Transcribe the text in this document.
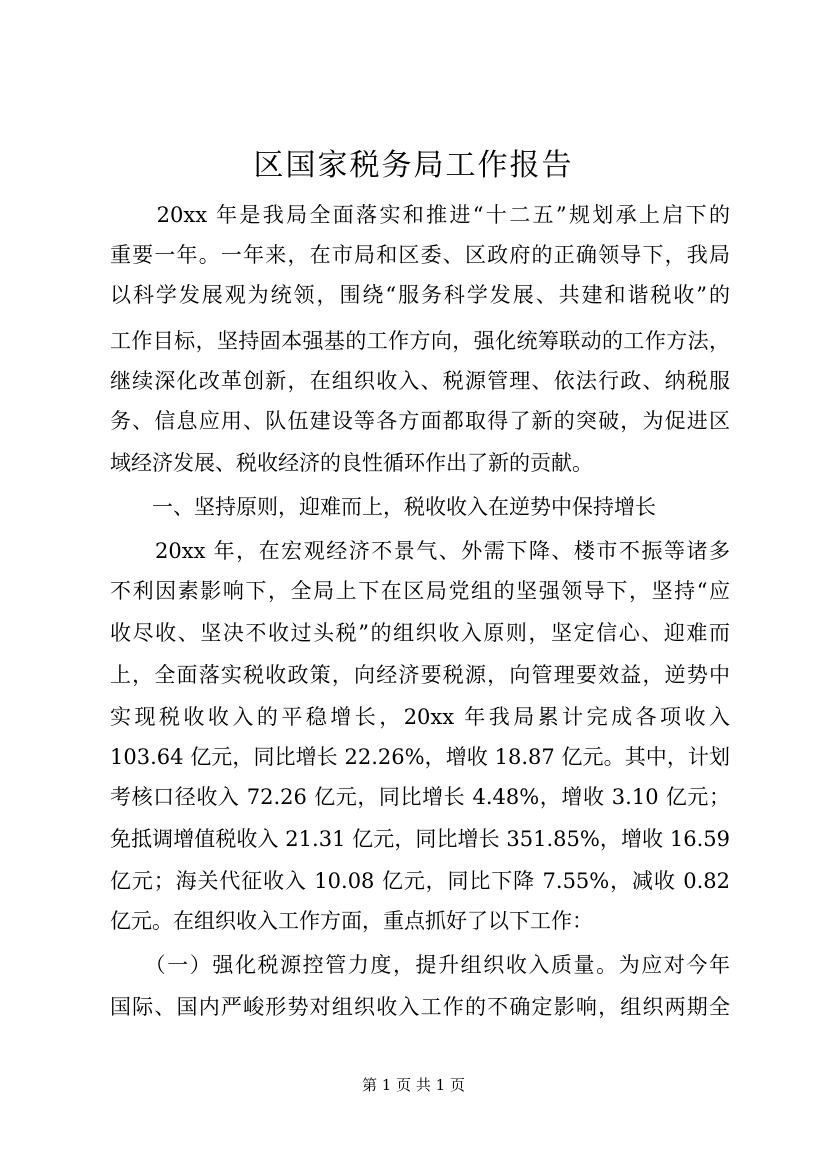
区国家税务局工作报告
　　20xx 年是我局全面落实和推进“十二五”规划承上启下的
重要一年。一年来，在市局和区委、区政府的正确领导下，我局
以科学发展观为统领，围绕“服务科学发展、共建和谐税收”的
工作目标，坚持固本强基的工作方向，强化统筹联动的工作方法，
继续深化改革创新，在组织收入、税源管理、依法行政、纳税服
务、信息应用、队伍建设等各方面都取得了新的突破，为促进区
域经济发展、税收经济的良性循环作出了新的贡献。
　　一、坚持原则，迎难而上，税收收入在逆势中保持增长
　　20xx 年，在宏观经济不景气、外需下降、楼市不振等诸多
不利因素影响下，全局上下在区局党组的坚强领导下，坚持“应
收尽收、坚决不收过头税”的组织收入原则，坚定信心、迎难而
上，全面落实税收政策，向经济要税源，向管理要效益，逆势中
实现税收收入的平稳增长，20xx 年我局累计完成各项收入
103.64 亿元，同比增长 22.26%，增收 18.87 亿元。其中，计划
考核口径收入 72.26 亿元，同比增长 4.48%，增收 3.10 亿元；
免抵调增值税收入 21.31 亿元，同比增长 351.85%，增收 16.59
亿元；海关代征收入 10.08 亿元，同比下降 7.55%，减收 0.82
亿元。在组织收入工作方面，重点抓好了以下工作：
　　（一）强化税源控管力度，提升组织收入质量。为应对今年
国际、国内严峻形势对组织收入工作的不确定影响，组织两期全
第 1 页 共 1 页
